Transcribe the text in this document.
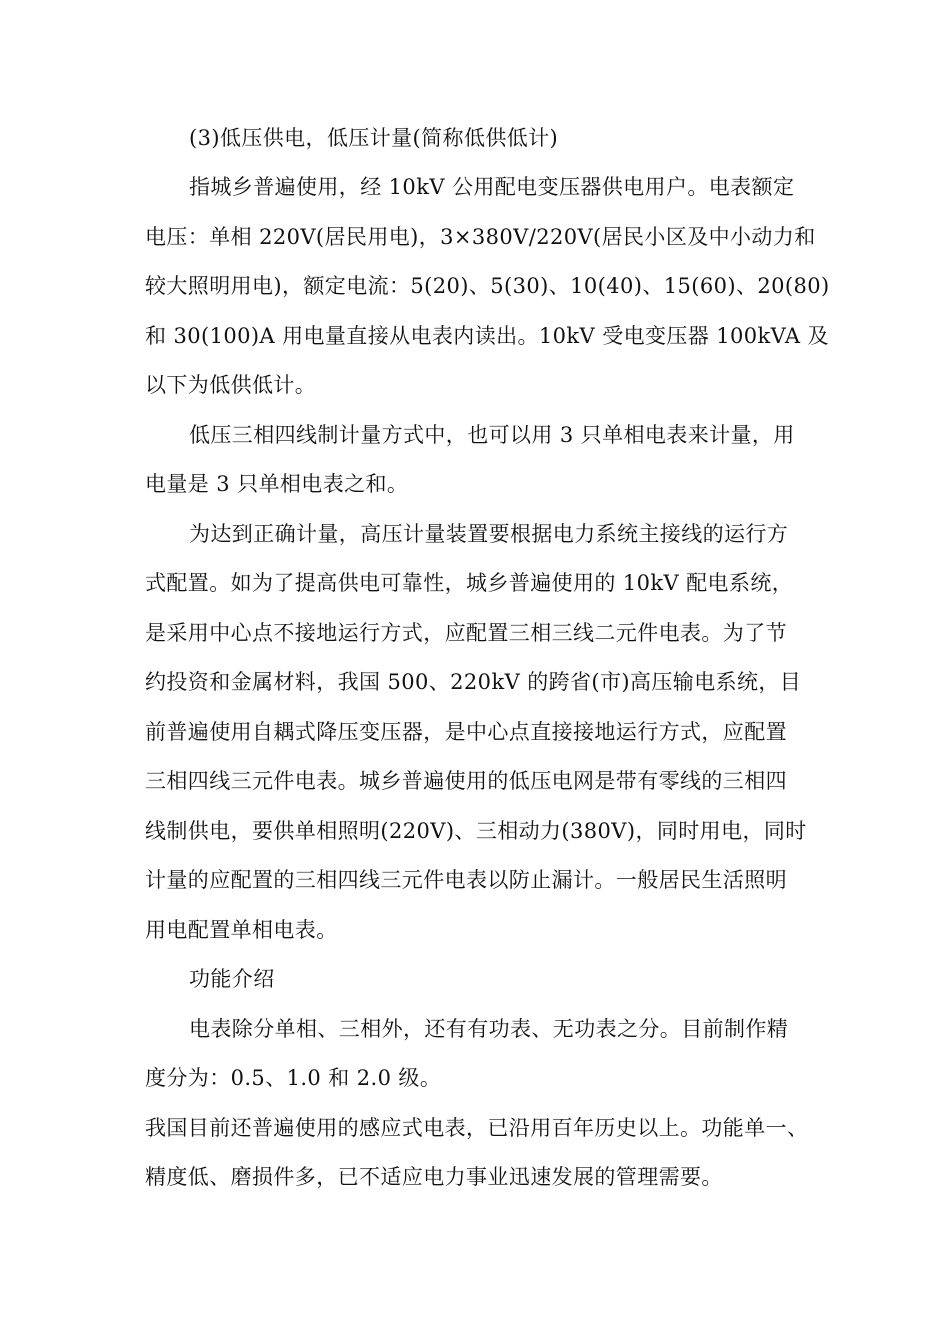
(3)低压供电，低压计量(简称低供低计)
指城乡普遍使用，经 10kV 公用配电变压器供电用户。电表额定
电压：单相 220V(居民用电)，3×380V/220V(居民小区及中小动力和
较大照明用电)，额定电流：5(20)、5(30)、10(40)、15(60)、20(80)
和 30(100)A 用电量直接从电表内读出。10kV 受电变压器 100kVA 及
以下为低供低计。
低压三相四线制计量方式中，也可以用 3 只单相电表来计量，用
电量是 3 只单相电表之和。
为达到正确计量，高压计量装置要根据电力系统主接线的运行方
式配置。如为了提高供电可靠性，城乡普遍使用的 10kV 配电系统，
是采用中心点不接地运行方式，应配置三相三线二元件电表。为了节
约投资和金属材料，我国 500、220kV 的跨省(市)高压输电系统，目
前普遍使用自耦式降压变压器，是中心点直接接地运行方式，应配置
三相四线三元件电表。城乡普遍使用的低压电网是带有零线的三相四
线制供电，要供单相照明(220V)、三相动力(380V)，同时用电，同时
计量的应配置的三相四线三元件电表以防止漏计。一般居民生活照明
用电配置单相电表。
功能介绍
电表除分单相、三相外，还有有功表、无功表之分。目前制作精
度分为：0.5、1.0 和 2.0 级。
我国目前还普遍使用的感应式电表，已沿用百年历史以上。功能单一、
精度低、磨损件多，已不适应电力事业迅速发展的管理需要。
